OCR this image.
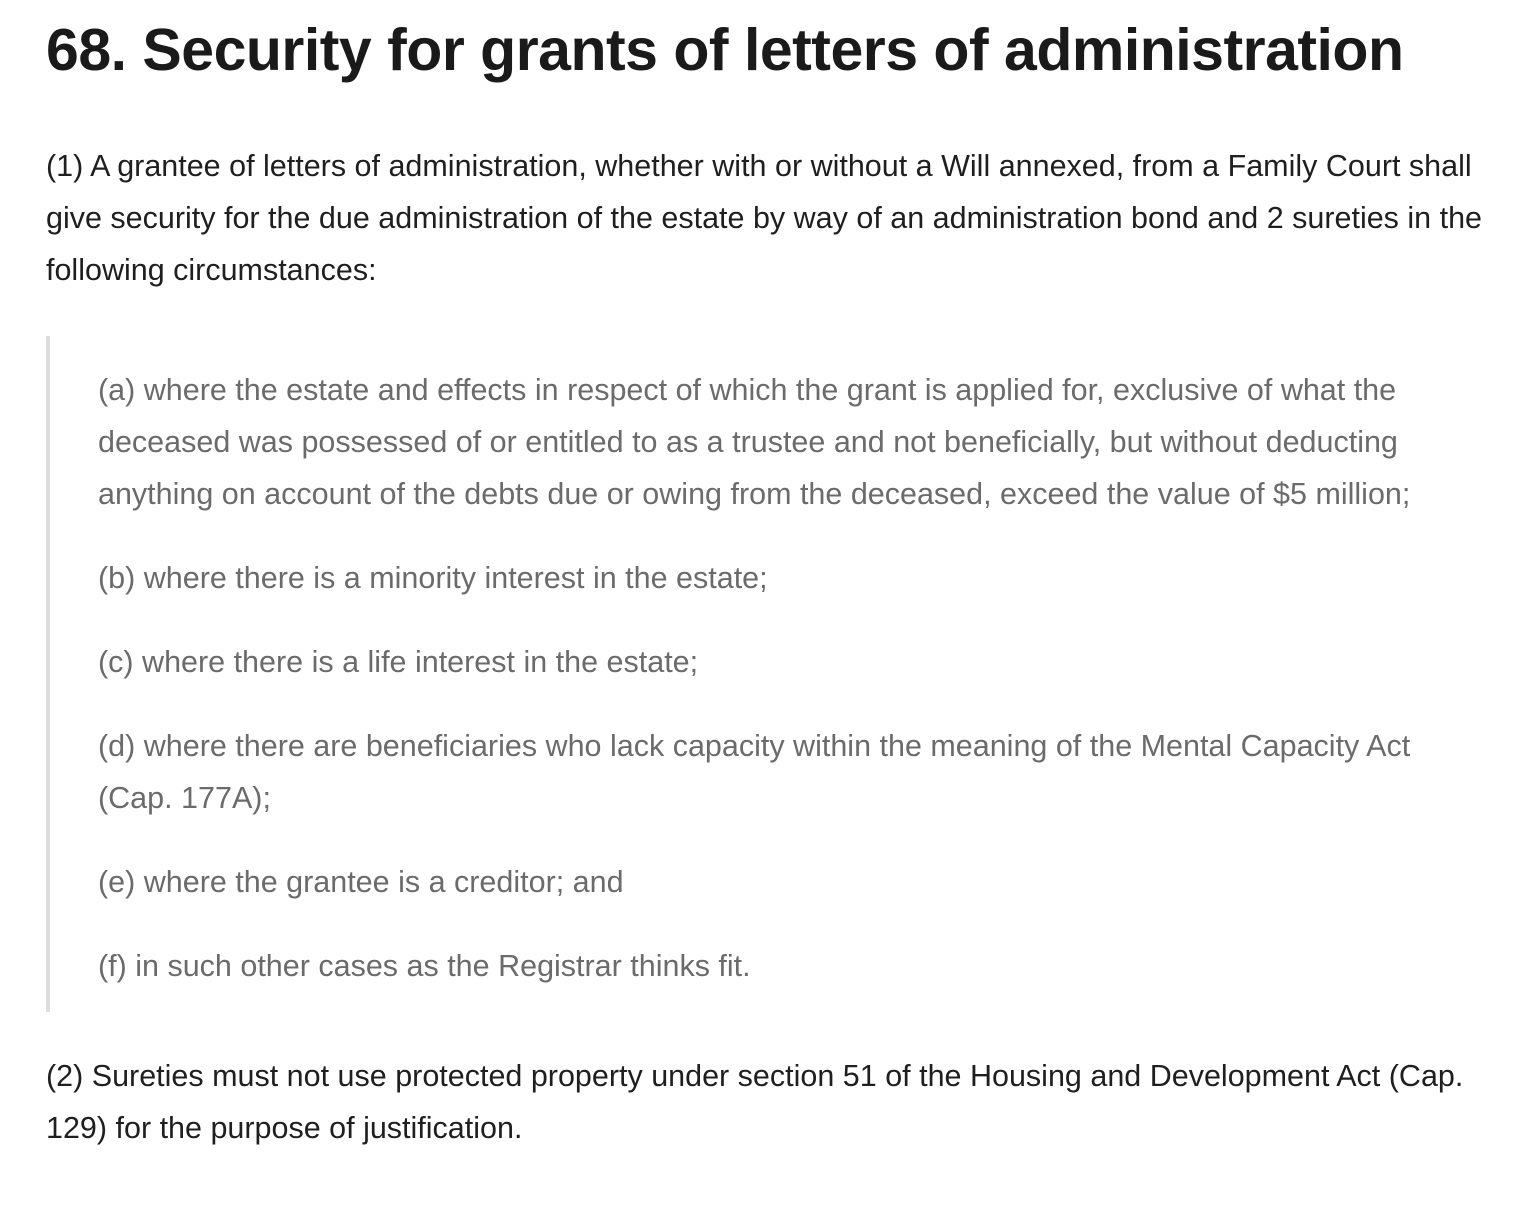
68. Security for grants of letters of administration

(1) A grantee of letters of administration, whether with or without a Will annexed, from a Family Court shall give security for the due administration of the estate by way of an administration bond and 2 sureties in the following circumstances:

(a) where the estate and effects in respect of which the grant is applied for, exclusive of what the deceased was possessed of or entitled to as a trustee and not beneficially, but without deducting anything on account of the debts due or owing from the deceased, exceed the value of $5 million;

(b) where there is a minority interest in the estate;

(c) where there is a life interest in the estate;

(d) where there are beneficiaries who lack capacity within the meaning of the Mental Capacity Act (Cap. 177A);

(e) where the grantee is a creditor; and

(f) in such other cases as the Registrar thinks fit.

(2) Sureties must not use protected property under section 51 of the Housing and Development Act (Cap. 129) for the purpose of justification.
